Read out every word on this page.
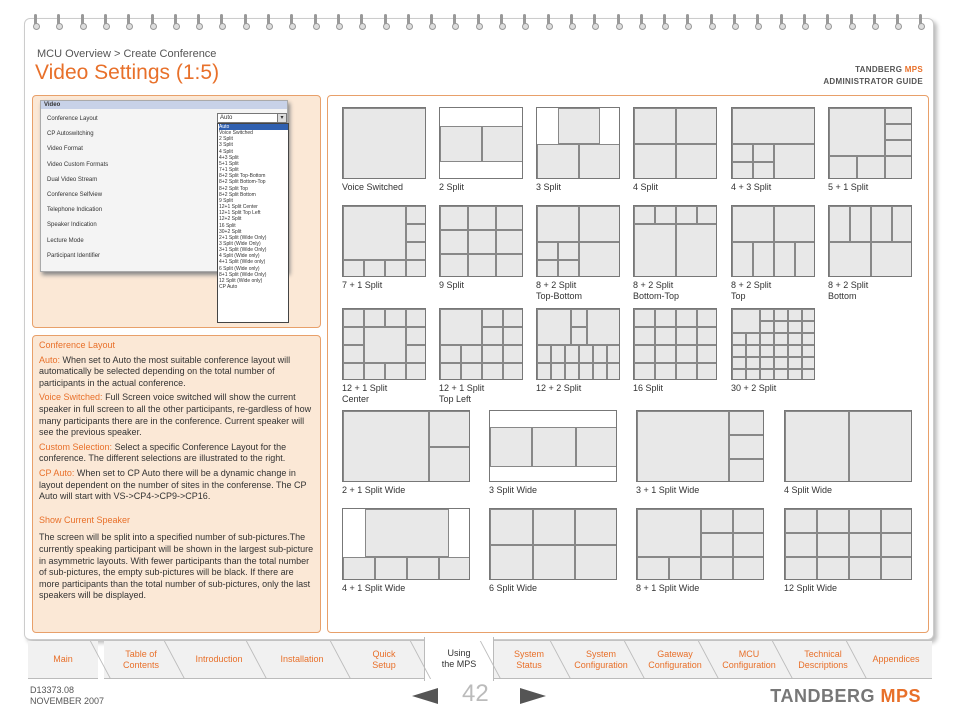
MCU Overview > Create Conference
Video Settings (1:5)	TANDBERG MPS
ADMINISTRATOR GUIDE
Video
Conference Layout
CP Autoswitching
Video Format
Video Custom Formats
Dual Video Stream
Conference Selfview
Telephone Indication
Speaker Indication
Lecture Mode
Participant Identifier
Auto	▾
Auto
Voice Switched
2 Split
3 Split
4 Split
4+3 Split
5+1 Split
7+1 Split
8+2 Split Top-Bottom
8+2 Split Bottom-Top
8+2 Split Top
8+2 Split Bottom
9 Split
12+1 Split Center
12+1 Split Top Left
12+2 Split
16 Split
30+2 Split
2+1 Split (Wide Only)
3 Split (Wide Only)
3+1 Split (Wide Only)
4 Split (Wide only)
4+1 Split (Wide only)
6 Split (Wide only)
8+1 Split (Wide Only)
12 Split (Wide only)
CP Auto

Conference Layout

Auto: When set to Auto the most suitable conference layout will automatically be selected depending on the total number of participants in the actual conference.

Voice Switched: Full Screen voice switched will show the current speaker in full screen to all the other participants, re-gardless of how many participants there are in the conference. Current speaker will see the previous speaker.

Custom Selection: Select a specific Conference Layout for the conference. The different selections are illustrated to the right.

CP Auto: When set to CP Auto there will be a dynamic change in layout dependent on the number of sites in the conferense. The CP Auto will start with VS->CP4->CP9->CP16.

Show Current Speaker

The screen will be split into a specified number of sub-pictures.The currently speaking participant will be shown in the largest sub-picture in asymmetric layouts. With fewer participants than the total number of sub-pictures, the empty sub-pictures will be black. If there are more participants than the total number of sub-pictures, only the last speakers will be displayed.

Voice Switched	2 Split	3 Split	4 Split	4 + 3 Split	5 + 1 Split
7 + 1 Split	9 Split	8 + 2 Split
Top-Bottom
8 + 2 Split
Bottom-Top
8 + 2 Split
Top
8 + 2 Split
Bottom
12 + 1 Split
Center
12 + 1 Split
Top Left
12 + 2 Split	16 Split	30 + 2 Split
2 + 1 Split Wide	3 Split Wide	3 + 1 Split Wide	4 Split Wide
4 + 1 Split Wide	6 Split Wide	8 + 1 Split Wide	12 Split Wide
Main
Table of
Contents
Introduction	Installation
Quick
Setup
Using
the MPS
System
Status
System
Configuration
Gateway
Configuration
MCU
Configuration
Technical
Descriptions
Appendices
D13373.08
NOVEMBER 2007	42	TANDBERG MPS
